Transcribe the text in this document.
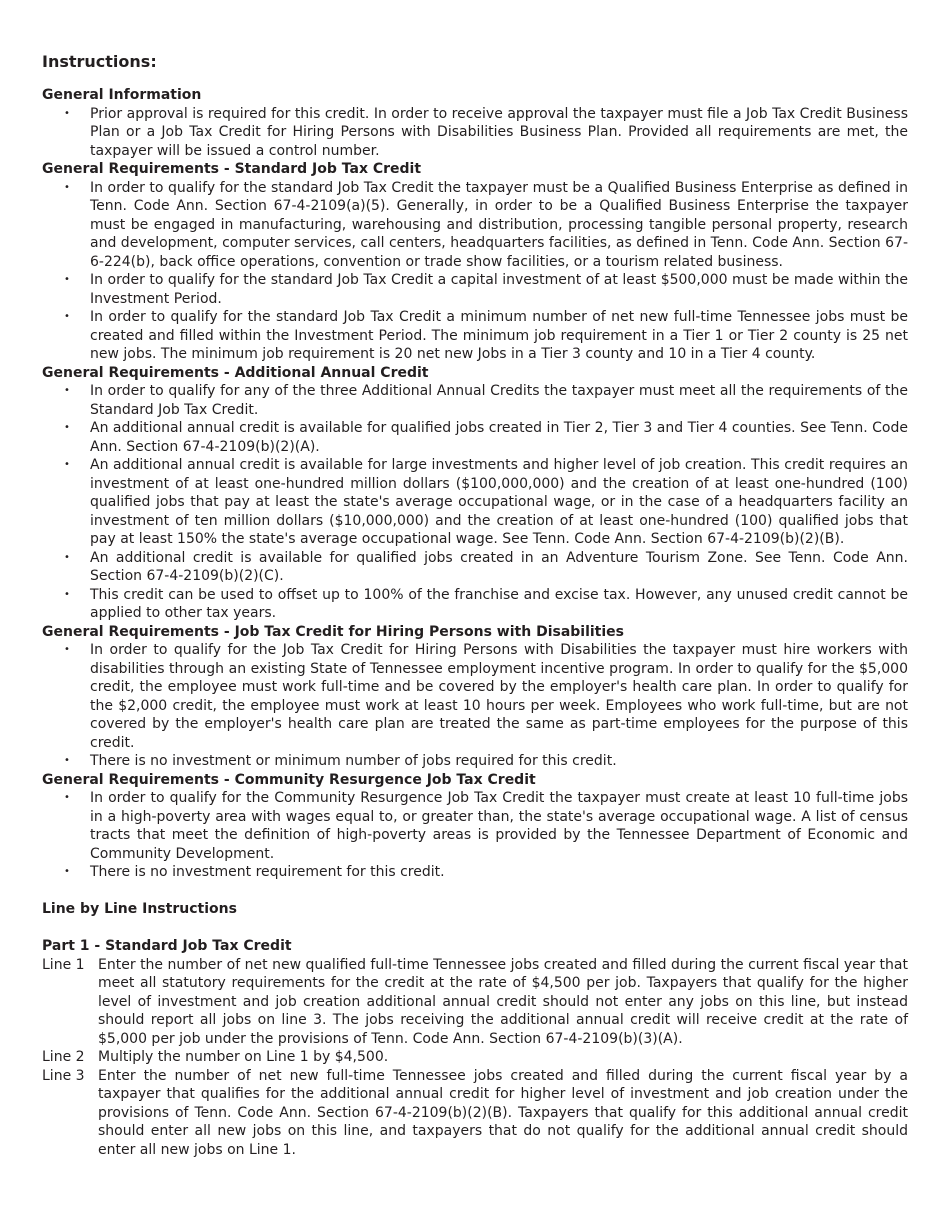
Instructions:
General Information
• Prior approval is required for this credit. In order to receive approval the taxpayer must file a Job Tax Credit Business Plan or a Job Tax Credit for Hiring Persons with Disabilities Business Plan. Provided all requirements are met, the taxpayer will be issued a control number.
General Requirements - Standard Job Tax Credit
• In order to qualify for the standard Job Tax Credit the taxpayer must be a Qualified Business Enterprise as defined in Tenn. Code Ann. Section 67-4-2109(a)(5). Generally, in order to be a Qualified Business Enterprise the taxpayer must be engaged in manufacturing, warehousing and distribution, processing tangible personal property, research and development, computer services, call centers, headquarters facilities, as defined in Tenn. Code Ann. Section 67-6-224(b), back office operations, convention or trade show facilities, or a tourism related business.
• In order to qualify for the standard Job Tax Credit a capital investment of at least $500,000 must be made within the Investment Period.
• In order to qualify for the standard Job Tax Credit a minimum number of net new full-time Tennessee jobs must be created and filled within the Investment Period. The minimum job requirement in a Tier 1 or Tier 2 county is 25 net new jobs. The minimum job requirement is 20 net new Jobs in a Tier 3 county and 10 in a Tier 4 county.
General Requirements - Additional Annual Credit
• In order to qualify for any of the three Additional Annual Credits the taxpayer must meet all the requirements of the Standard Job Tax Credit.
• An additional annual credit is available for qualified jobs created in Tier 2, Tier 3 and Tier 4 counties. See Tenn. Code Ann. Section 67-4-2109(b)(2)(A).
• An additional annual credit is available for large investments and higher level of job creation. This credit requires an investment of at least one-hundred million dollars ($100,000,000) and the creation of at least one-hundred (100) qualified jobs that pay at least the state's average occupational wage, or in the case of a headquarters facility an investment of ten million dollars ($10,000,000) and the creation of at least one-hundred (100) qualified jobs that pay at least 150% the state's average occupational wage. See Tenn. Code Ann. Section 67-4-2109(b)(2)(B).
• An additional credit is available for qualified jobs created in an Adventure Tourism Zone. See Tenn. Code Ann. Section 67-4-2109(b)(2)(C).
• This credit can be used to offset up to 100% of the franchise and excise tax. However, any unused credit cannot be applied to other tax years.
General Requirements - Job Tax Credit for Hiring Persons with Disabilities
• In order to qualify for the Job Tax Credit for Hiring Persons with Disabilities the taxpayer must hire workers with disabilities through an existing State of Tennessee employment incentive program. In order to qualify for the $5,000 credit, the employee must work full-time and be covered by the employer's health care plan. In order to qualify for the $2,000 credit, the employee must work at least 10 hours per week. Employees who work full-time, but are not covered by the employer's health care plan are treated the same as part-time employees for the purpose of this credit.
• There is no investment or minimum number of jobs required for this credit.
General Requirements - Community Resurgence Job Tax Credit
• In order to qualify for the Community Resurgence Job Tax Credit the taxpayer must create at least 10 full-time jobs in a high-poverty area with wages equal to, or greater than, the state's average occupational wage. A list of census tracts that meet the definition of high-poverty areas is provided by the Tennessee Department of Economic and Community Development.
• There is no investment requirement for this credit.
Line by Line Instructions
Part 1 - Standard Job Tax Credit
Line 1 Enter the number of net new qualified full-time Tennessee jobs created and filled during the current fiscal year that meet all statutory requirements for the credit at the rate of $4,500 per job. Taxpayers that qualify for the higher level of investment and job creation additional annual credit should not enter any jobs on this line, but instead should report all jobs on line 3. The jobs receiving the additional annual credit will receive credit at the rate of $5,000 per job under the provisions of Tenn. Code Ann. Section 67-4-2109(b)(3)(A).
Line 2 Multiply the number on Line 1 by $4,500.
Line 3 Enter the number of net new full-time Tennessee jobs created and filled during the current fiscal year by a taxpayer that qualifies for the additional annual credit for higher level of investment and job creation under the provisions of Tenn. Code Ann. Section 67-4-2109(b)(2)(B). Taxpayers that qualify for this additional annual credit should enter all new jobs on this line, and taxpayers that do not qualify for the additional annual credit should enter all new jobs on Line 1.
